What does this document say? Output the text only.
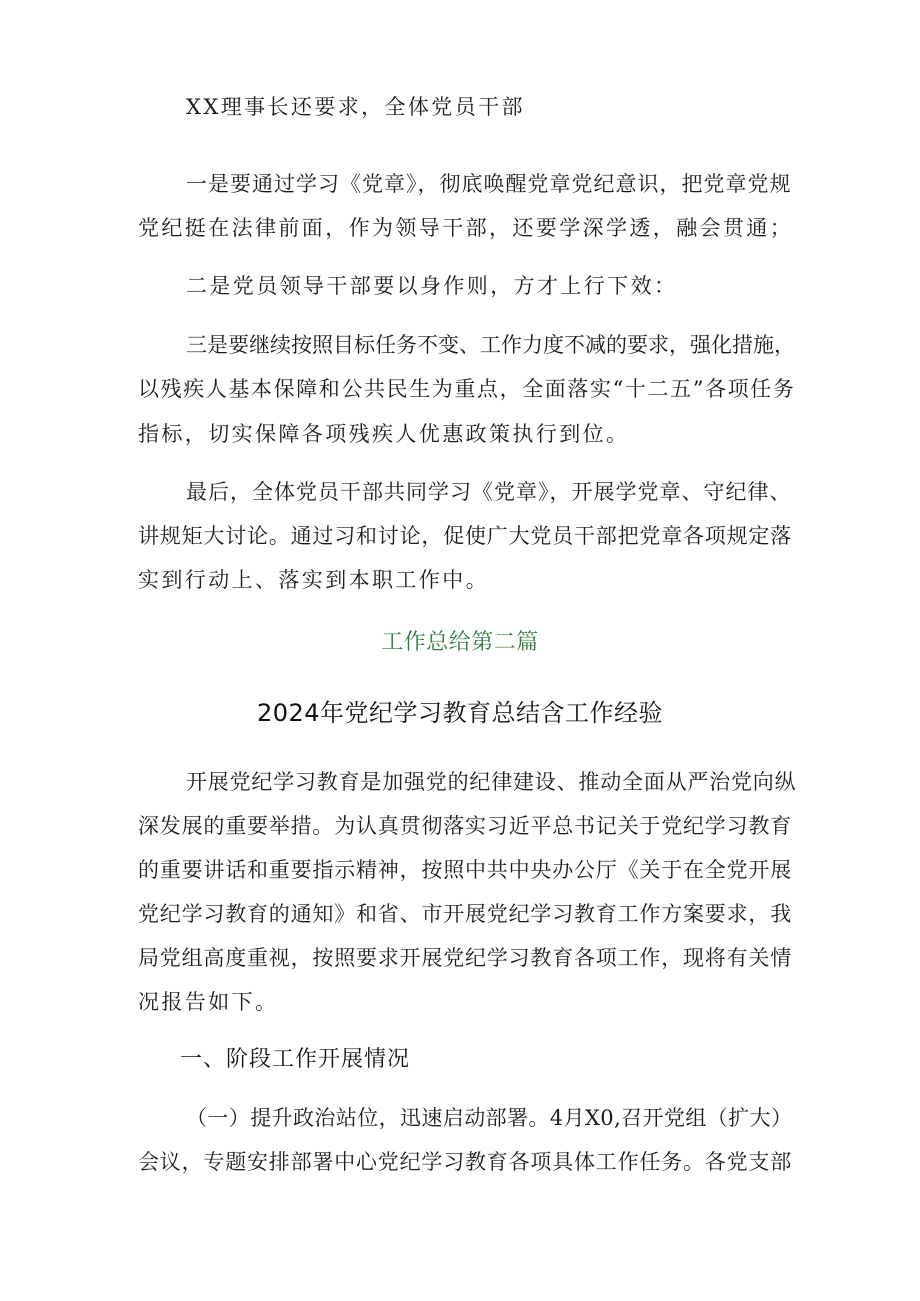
XX理事长还要求，全体党员干部
一是要通过学习《党章》，彻底唤醒党章党纪意识，把党章党规
党纪挺在法律前面，作为领导干部，还要学深学透，融会贯通；
二是党员领导干部要以身作则，方才上行下效：
三是要继续按照目标任务不变、工作力度不减的要求，强化措施，
以残疾人基本保障和公共民生为重点，全面落实“十二五”各项任务
指标，切实保障各项残疾人优惠政策执行到位。
最后，全体党员干部共同学习《党章》，开展学党章、守纪律、
讲规矩大讨论。通过习和讨论，促使广大党员干部把党章各项规定落
实到行动上、落实到本职工作中。
工作总给第二篇
2024年党纪学习教育总结含工作经验
开展党纪学习教育是加强党的纪律建设、推动全面从严治党向纵
深发展的重要举措。为认真贯彻落实习近平总书记关于党纪学习教育
的重要讲话和重要指示精神，按照中共中央办公厅《关于在全党开展
党纪学习教育的通知》和省、市开展党纪学习教育工作方案要求，我
局党组高度重视，按照要求开展党纪学习教育各项工作，现将有关情
况报告如下。
一、阶段工作开展情况
（一）提升政治站位，迅速启动部署。4月X0,召开党组（扩大）
会议，专题安排部署中心党纪学习教育各项具体工作任务。各党支部
